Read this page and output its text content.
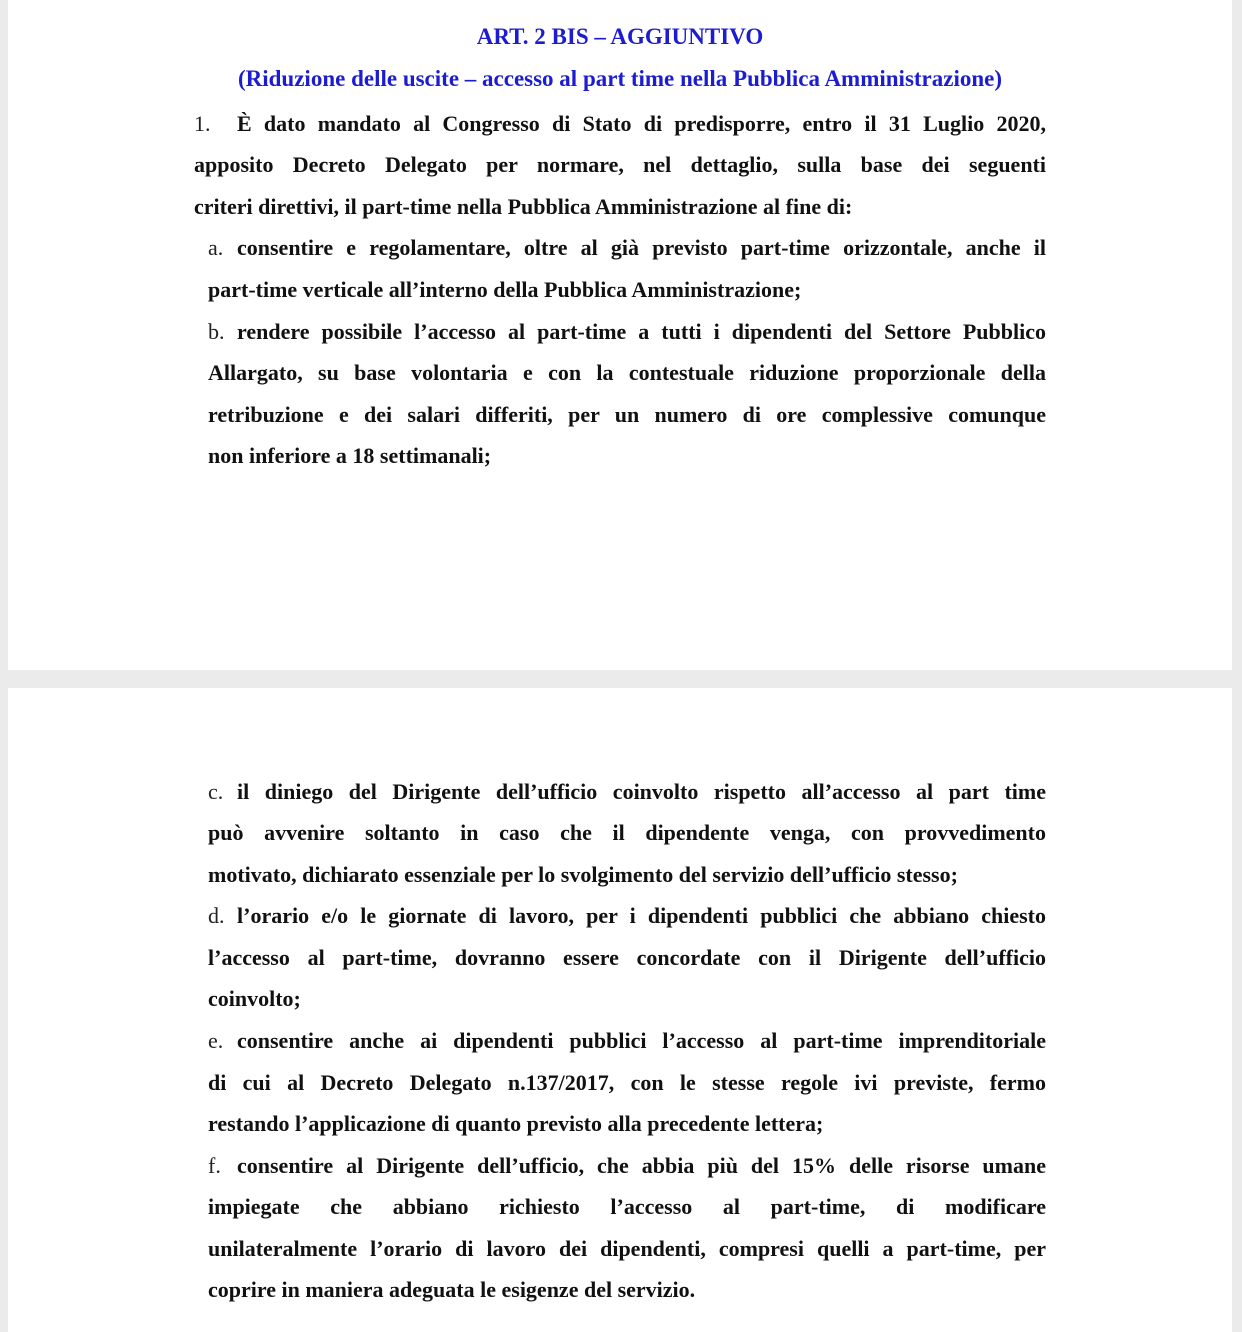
ART. 2 BIS – AGGIUNTIVO
(Riduzione delle uscite – accesso al part time nella Pubblica Amministrazione)
1. È dato mandato al Congresso di Stato di predisporre, entro il 31 Luglio 2020,
apposito Decreto Delegato per normare, nel dettaglio, sulla base dei seguenti
criteri direttivi, il part-time nella Pubblica Amministrazione al fine di:
a. consentire e regolamentare, oltre al già previsto part-time orizzontale, anche il
part-time verticale all’interno della Pubblica Amministrazione;
b. rendere possibile l’accesso al part-time a tutti i dipendenti del Settore Pubblico
Allargato, su base volontaria e con la contestuale riduzione proporzionale della
retribuzione e dei salari differiti, per un numero di ore complessive comunque
non inferiore a 18 settimanali;
c. il diniego del Dirigente dell’ufficio coinvolto rispetto all’accesso al part time
può avvenire soltanto in caso che il dipendente venga, con provvedimento
motivato, dichiarato essenziale per lo svolgimento del servizio dell’ufficio stesso;
d. l’orario e/o le giornate di lavoro, per i dipendenti pubblici che abbiano chiesto
l’accesso al part-time, dovranno essere concordate con il Dirigente dell’ufficio
coinvolto;
e. consentire anche ai dipendenti pubblici l’accesso al part-time imprenditoriale
di cui al Decreto Delegato n.137/2017, con le stesse regole ivi previste, fermo
restando l’applicazione di quanto previsto alla precedente lettera;
f. consentire al Dirigente dell’ufficio, che abbia più del 15% delle risorse umane
impiegate che abbiano richiesto l’accesso al part-time, di modificare
unilateralmente l’orario di lavoro dei dipendenti, compresi quelli a part-time, per
coprire in maniera adeguata le esigenze del servizio.
